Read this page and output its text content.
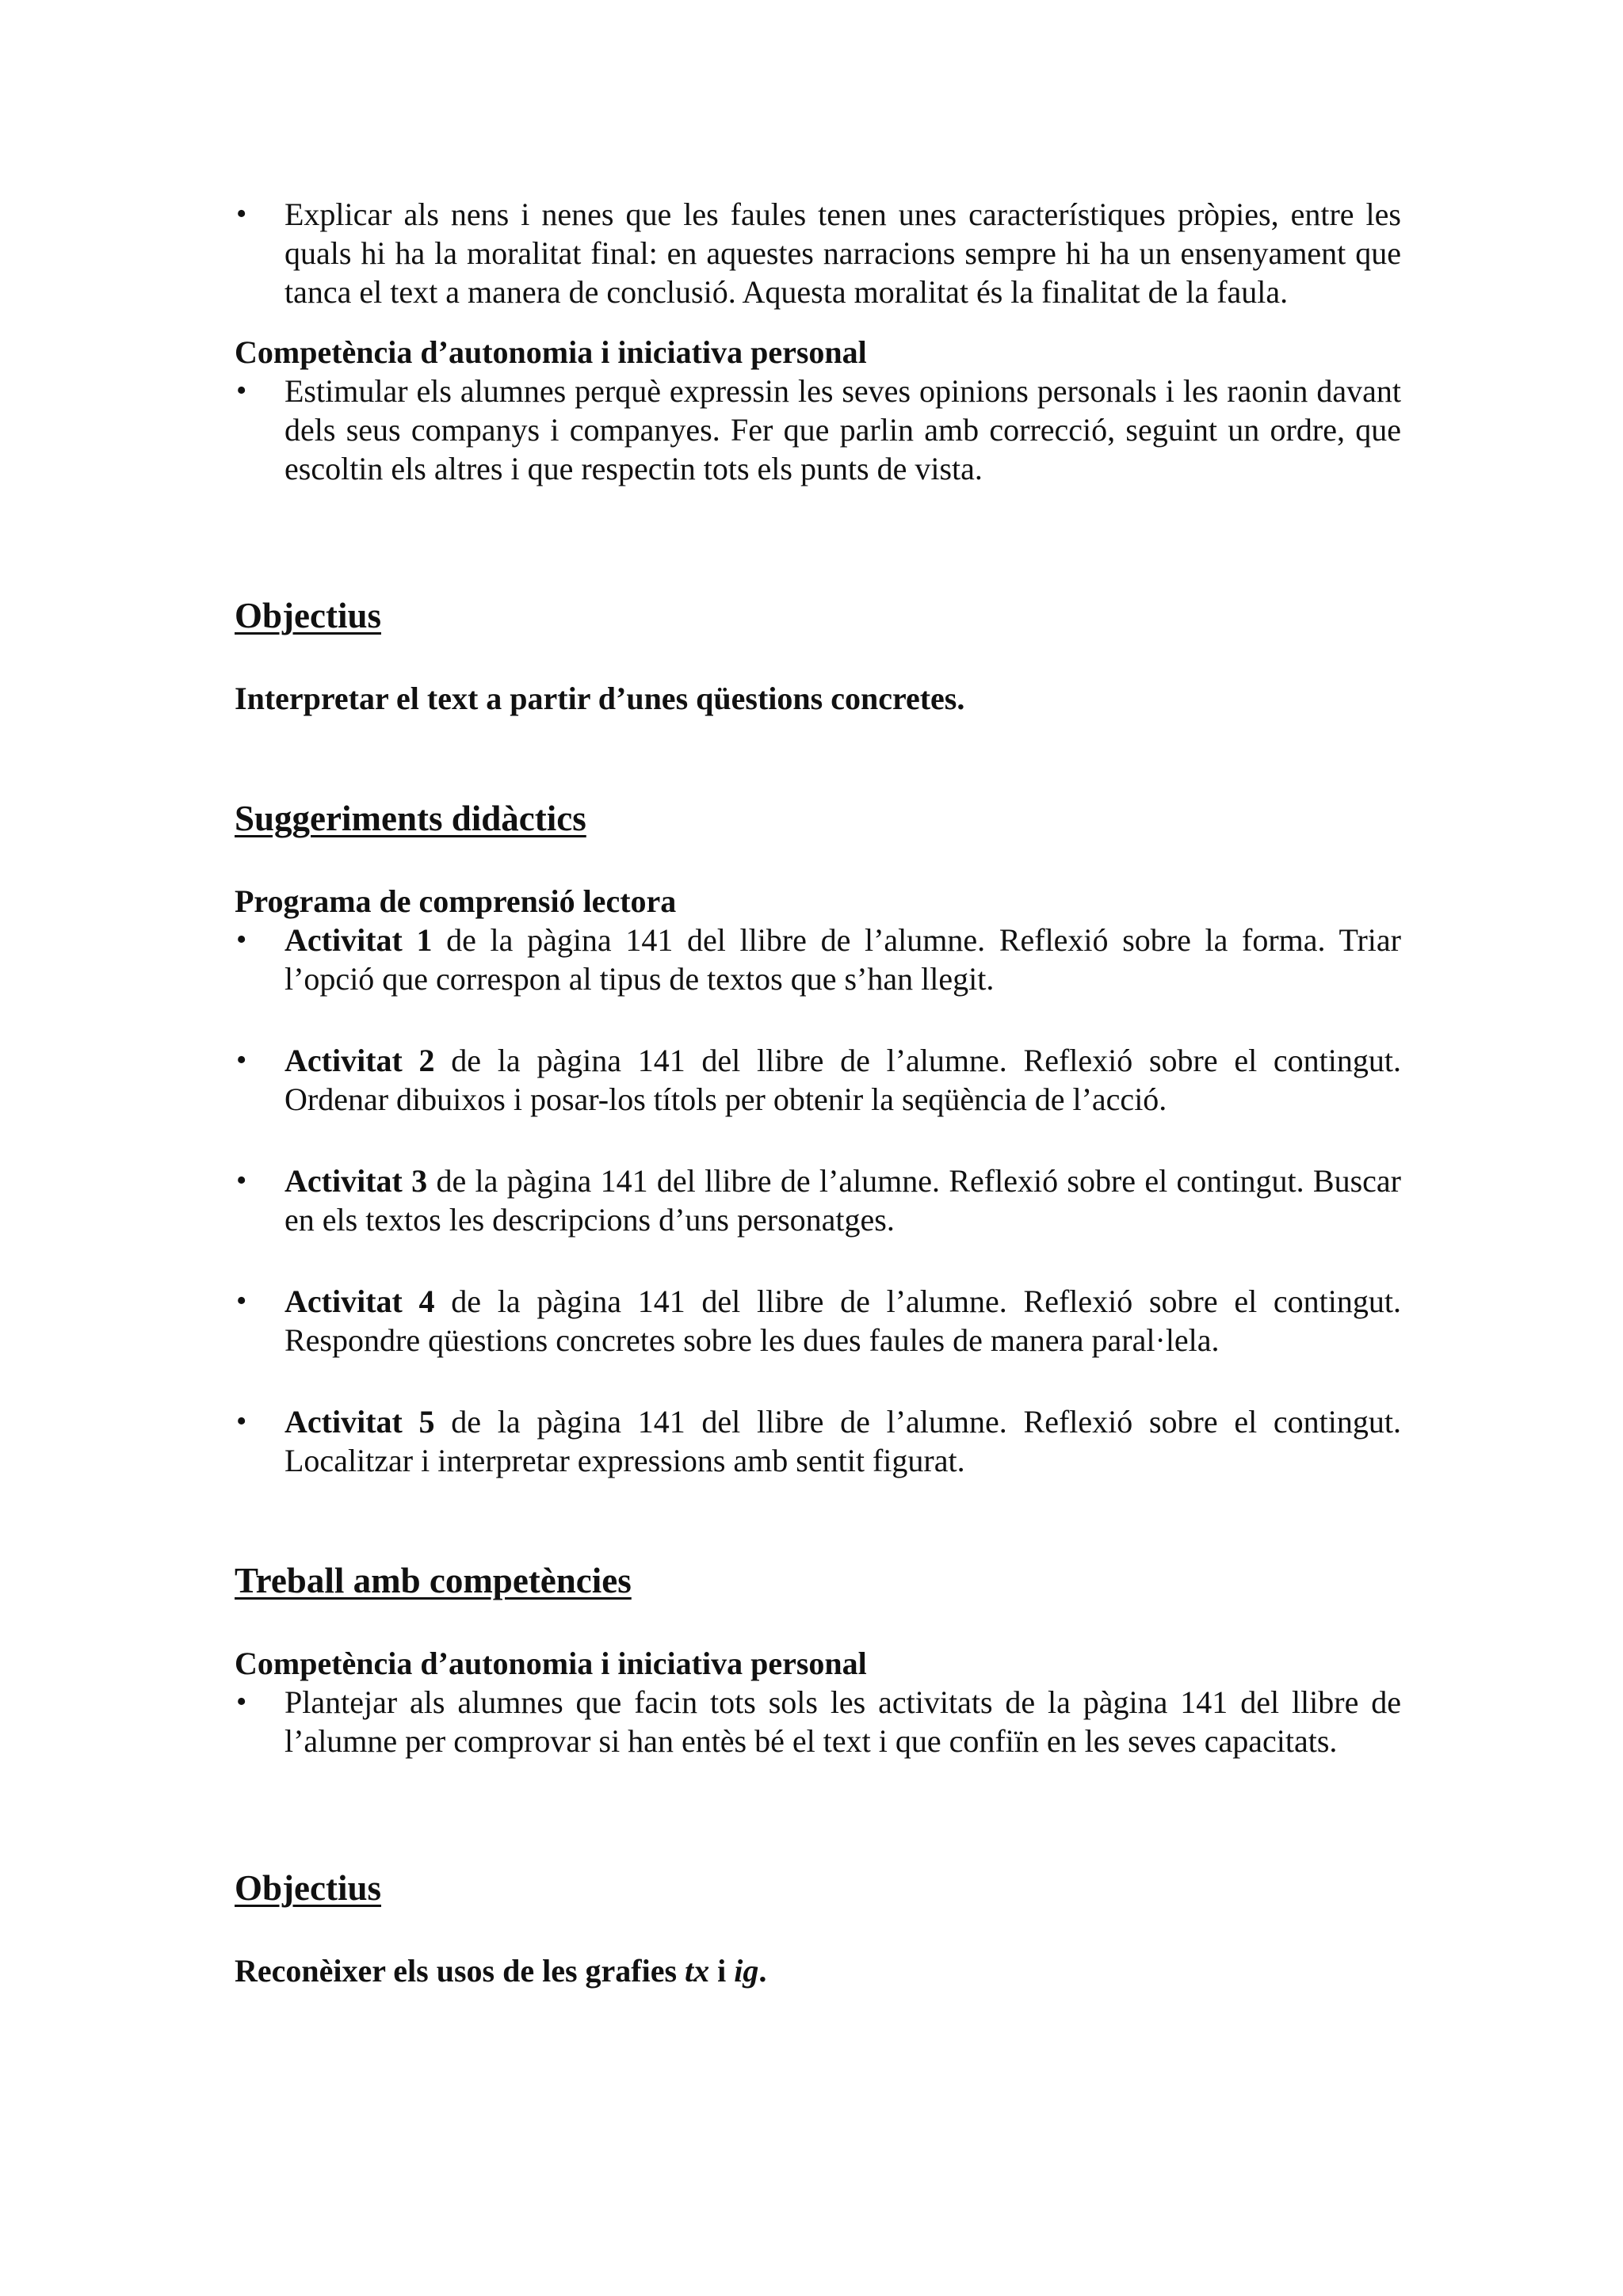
• Explicar als nens i nenes que les faules tenen unes característiques pròpies, entre les quals hi ha la moralitat final: en aquestes narracions sempre hi ha un ensenyament que tanca el text a manera de conclusió. Aquesta moralitat és la finalitat de la faula.
Competència d’autonomia i iniciativa personal
• Estimular els alumnes perquè expressin les seves opinions personals i les raonin davant dels seus companys i companyes. Fer que parlin amb correcció, seguint un ordre, que escoltin els altres i que respectin tots els punts de vista.
Objectius
Interpretar el text a partir d’unes qüestions concretes.
Suggeriments didàctics
Programa de comprensió lectora
• Activitat 1 de la pàgina 141 del llibre de l’alumne. Reflexió sobre la forma. Triar l’opció que correspon al tipus de textos que s’han llegit.
• Activitat 2 de la pàgina 141 del llibre de l’alumne. Reflexió sobre el contingut. Ordenar dibuixos i posar-los títols per obtenir la seqüència de l’acció.
• Activitat 3 de la pàgina 141 del llibre de l’alumne. Reflexió sobre el contingut. Buscar en els textos les descripcions d’uns personatges.
• Activitat 4 de la pàgina 141 del llibre de l’alumne. Reflexió sobre el contingut. Respondre qüestions concretes sobre les dues faules de manera paral·lela.
• Activitat 5 de la pàgina 141 del llibre de l’alumne. Reflexió sobre el contingut. Localitzar i interpretar expressions amb sentit figurat.
Treball amb competències
Competència d’autonomia i iniciativa personal
• Plantejar als alumnes que facin tots sols les activitats de la pàgina 141 del llibre de l’alumne per comprovar si han entès bé el text i que confiïn en les seves capacitats.
Objectius
Reconèixer els usos de les grafies tx i ig.
